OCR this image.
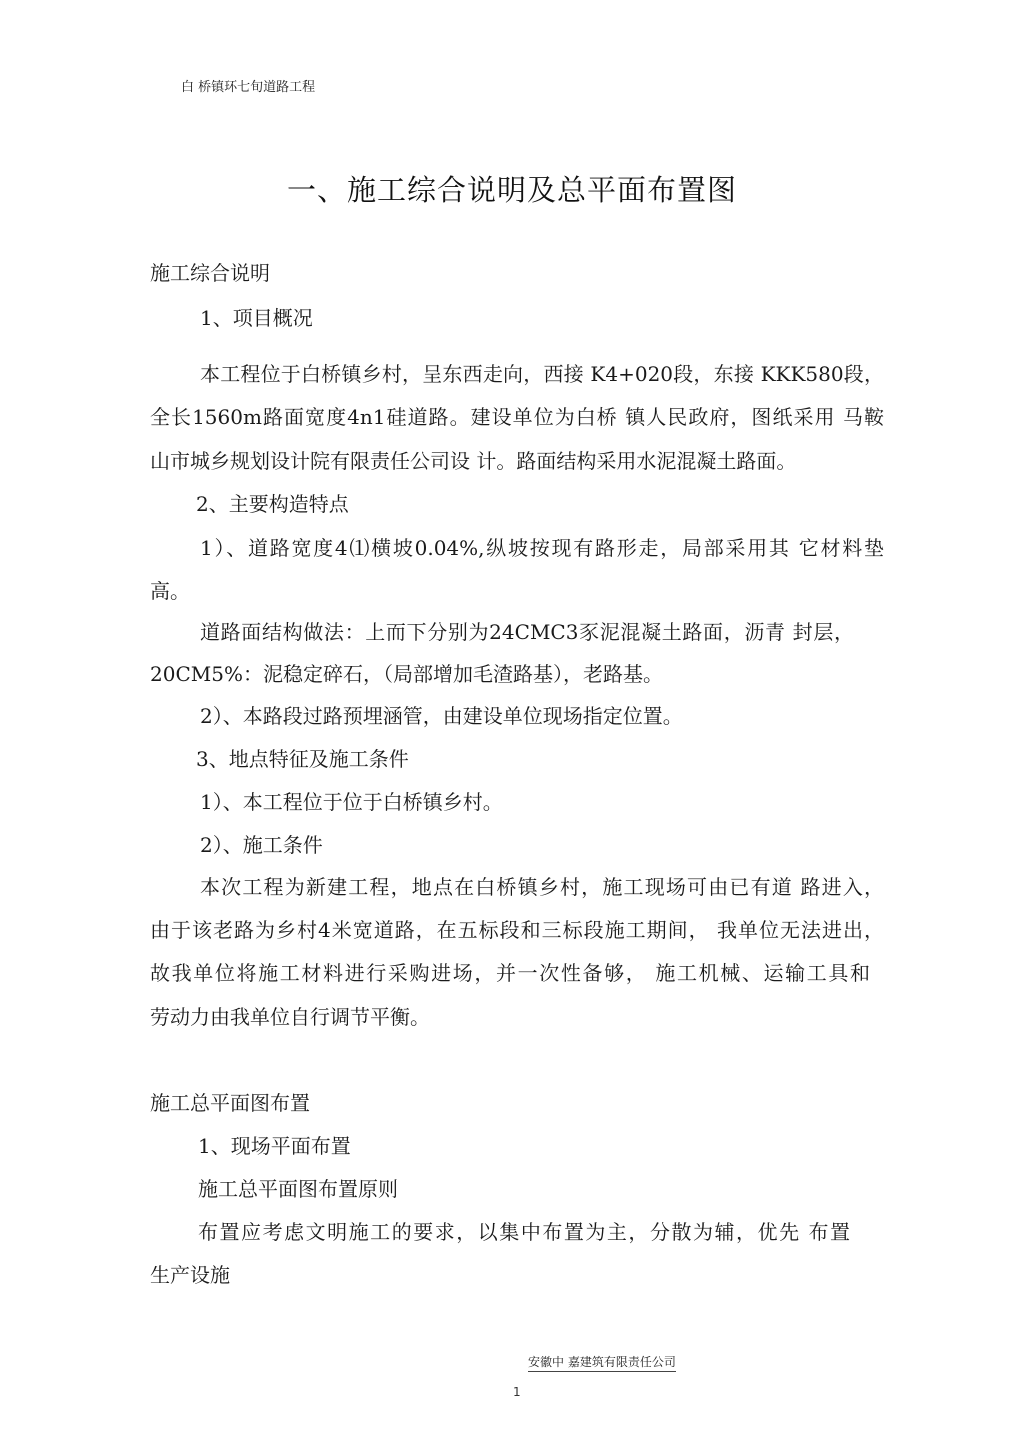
白 桥镇环七旬道路工程
一、施工综合说明及总平面布置图
施工综合说明
1、项目概况
本工程位于白桥镇乡村，呈东西走向，西接 K4+020段，东接 KKK580段，
全长1560m路面宽度4n1硅道路。建设单位为白桥 镇人民政府，图纸采用 马鞍
山市城乡规划设计院有限责任公司设 计。路面结构采用水泥混凝土路面。
2、主要构造特点
1）、道路宽度4⑴横坡0.04%,纵坡按现有路形走，局部采用其 它材料垫
高。
道路面结构做法：上而下分别为24CMC3豕泥混凝土路面，沥青 封层，
20CM5%：泥稳定碎石，（局部增加毛渣路基），老路基。
2）、本路段过路预埋涵管，由建设单位现场指定位置。
3、地点特征及施工条件
1）、本工程位于位于白桥镇乡村。
2）、施工条件
本次工程为新建工程，地点在白桥镇乡村，施工现场可由已有道 路进入，
由于该老路为乡村4米宽道路，在五标段和三标段施工期间， 我单位无法进出，
故我单位将施工材料进行采购进场，并一次性备够， 施工机械、运输工具和
劳动力由我单位自行调节平衡。
施工总平面图布置
1、现场平面布置
施工总平面图布置原则
布置应考虑文明施工的要求，以集中布置为主，分散为辅，优先 布置
生产设施
安徽中 嘉建筑有限责任公司
1
